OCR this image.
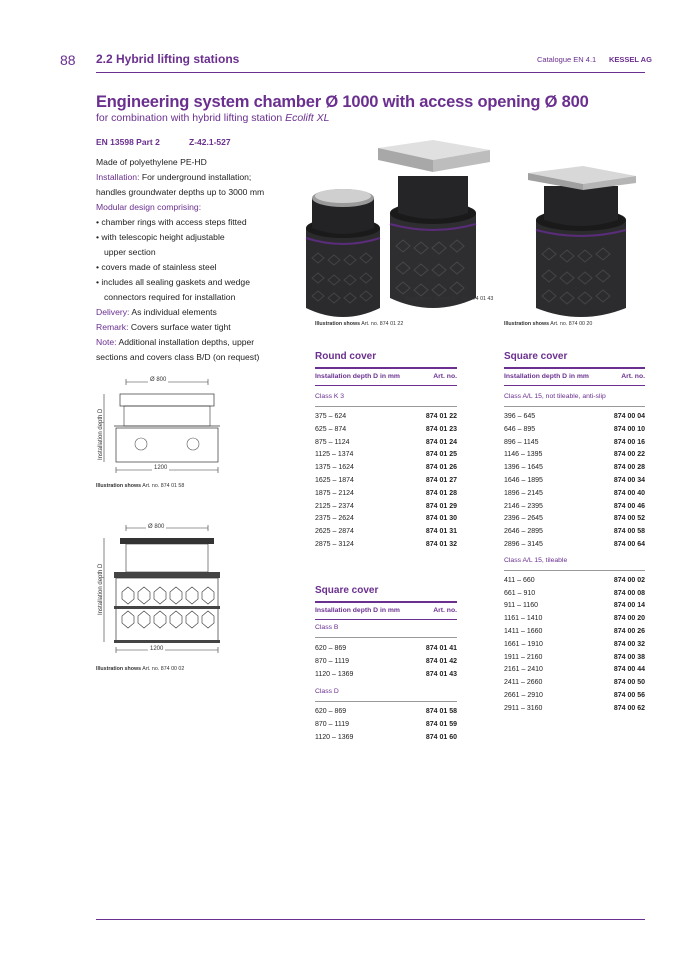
88 2.2 Hybrid lifting stations	Catalogue EN 4.1 KESSEL AG
Engineering system chamber Ø 1000 with access opening Ø 800
for combination with hybrid lifting station Ecolift XL
EN 13598 Part 2	Z-42.1-527
Made of polyethylene PE-HD
Installation: For underground installation;
handles groundwater depths up to 3000 mm
Modular design comprising:
• chamber rings with access steps fitted
• with telescopic height adjustable
upper section
• covers made of stainless steel
• includes all sealing gaskets and wedge
connectors required for installation
Delivery: As individual elements
Remark: Covers surface water tight
Note: Additional installation depths, upper
sections and covers class B/D (on request)
Illustration shows Art. no. 874 01 43
Illustration shows Art. no. 874 01 22	Illustration shows Art. no. 874 00 20
Ø 800
1200
Installation depth D
Illustration shows Art. no. 874 01 58
Ø 800
1200
Installation depth D
Illustration shows Art. no. 874 00 02
Round cover
Installation depth D in mm	Art. no.
Class K 3
375 – 624	874 01 22
625 – 874	874 01 23
875 – 1124	874 01 24
1125 – 1374	874 01 25
1375 – 1624	874 01 26
1625 – 1874	874 01 27
1875 – 2124	874 01 28
2125 – 2374	874 01 29
2375 – 2624	874 01 30
2625 – 2874	874 01 31
2875 – 3124	874 01 32
Square cover
Installation depth D in mm	Art. no.
Class B
620 – 869	874 01 41
870 – 1119	874 01 42
1120 – 1369	874 01 43
Class D
620 – 869	874 01 58
870 – 1119	874 01 59
1120 – 1369	874 01 60
Square cover
Installation depth D in mm	Art. no.
Class A/L 15, not tileable, anti-slip
396 – 645	874 00 04
646 – 895	874 00 10
896 – 1145	874 00 16
1146 – 1395	874 00 22
1396 – 1645	874 00 28
1646 – 1895	874 00 34
1896 – 2145	874 00 40
2146 – 2395	874 00 46
2396 – 2645	874 00 52
2646 – 2895	874 00 58
2896 – 3145	874 00 64
Class A/L 15, tileable
411 – 660	874 00 02
661 – 910	874 00 08
911 – 1160	874 00 14
1161 – 1410	874 00 20
1411 – 1660	874 00 26
1661 – 1910	874 00 32
1911 – 2160	874 00 38
2161 – 2410	874 00 44
2411 – 2660	874 00 50
2661 – 2910	874 00 56
2911 – 3160	874 00 62
